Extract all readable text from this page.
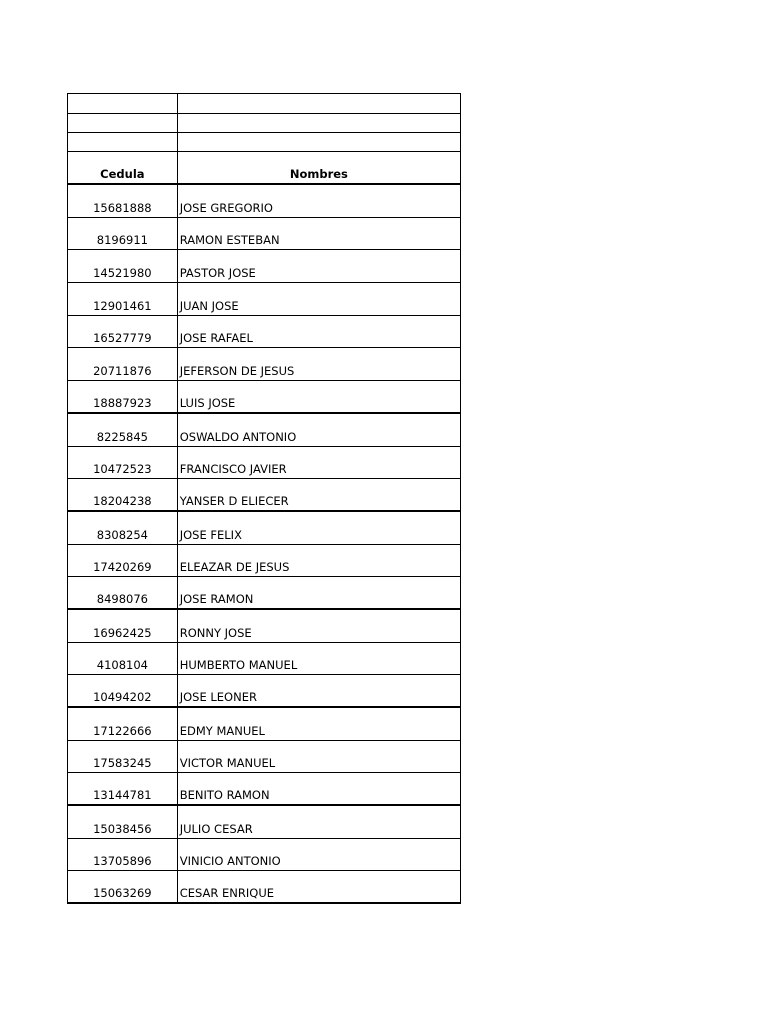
Cedula	Nombres
15681888	JOSE GREGORIO
8196911	RAMON ESTEBAN
14521980	PASTOR JOSE
12901461	JUAN JOSE
16527779	JOSE RAFAEL
20711876	JEFERSON DE JESUS
18887923	LUIS JOSE
8225845	OSWALDO ANTONIO
10472523	FRANCISCO JAVIER
18204238	YANSER D ELIECER
8308254	JOSE FELIX
17420269	ELEAZAR DE JESUS
8498076	JOSE RAMON
16962425	RONNY JOSE
4108104	HUMBERTO MANUEL
10494202	JOSE LEONER
17122666	EDMY MANUEL
17583245	VICTOR MANUEL
13144781	BENITO RAMON
15038456	JULIO CESAR
13705896	VINICIO ANTONIO
15063269	CESAR ENRIQUE
